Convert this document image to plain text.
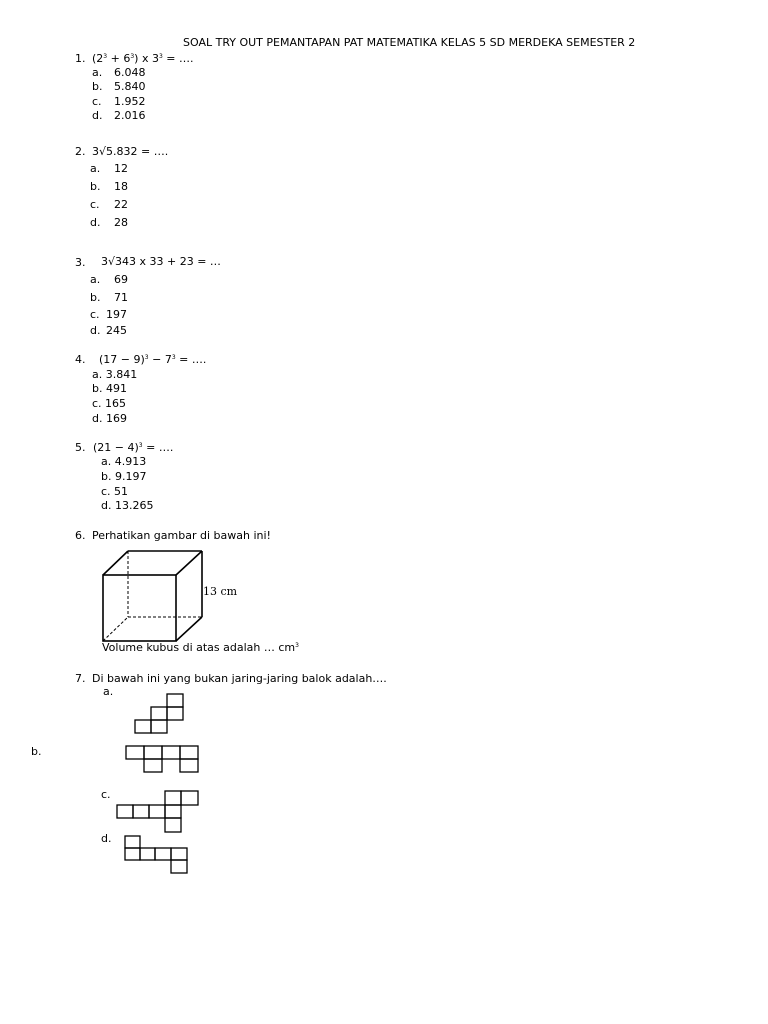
SOAL TRY OUT PEMANTAPAN PAT MATEMATIKA KELAS 5 SD MERDEKA SEMESTER 2
1. $(2^3 + 6^3)$ x $3^3$ = ….
a. 6.048
b. 5.840
c. 1.952
d. 2.016
2. 3√5.832 = ….
a. 12
b. 18
c. 22
d. 28
3. 3√343 x 33 + 23 = …
a. 69
b. 71
c. 197
d. 245
4. $(17 - 9)^3 - 7^3$ = ….
a. 3.841
b. 491
c. 165
d. 169
5. $(21 - 4)^3$ = ….
a. 4.913
b. 9.197
c. 51
d. 13.265
6. Perhatikan gambar di bawah ini!
13 cm
Volume kubus di atas adalah … $cm^3$
7. Di bawah ini yang bukan jaring-jaring balok adalah….
a.
b.
c.
d.
